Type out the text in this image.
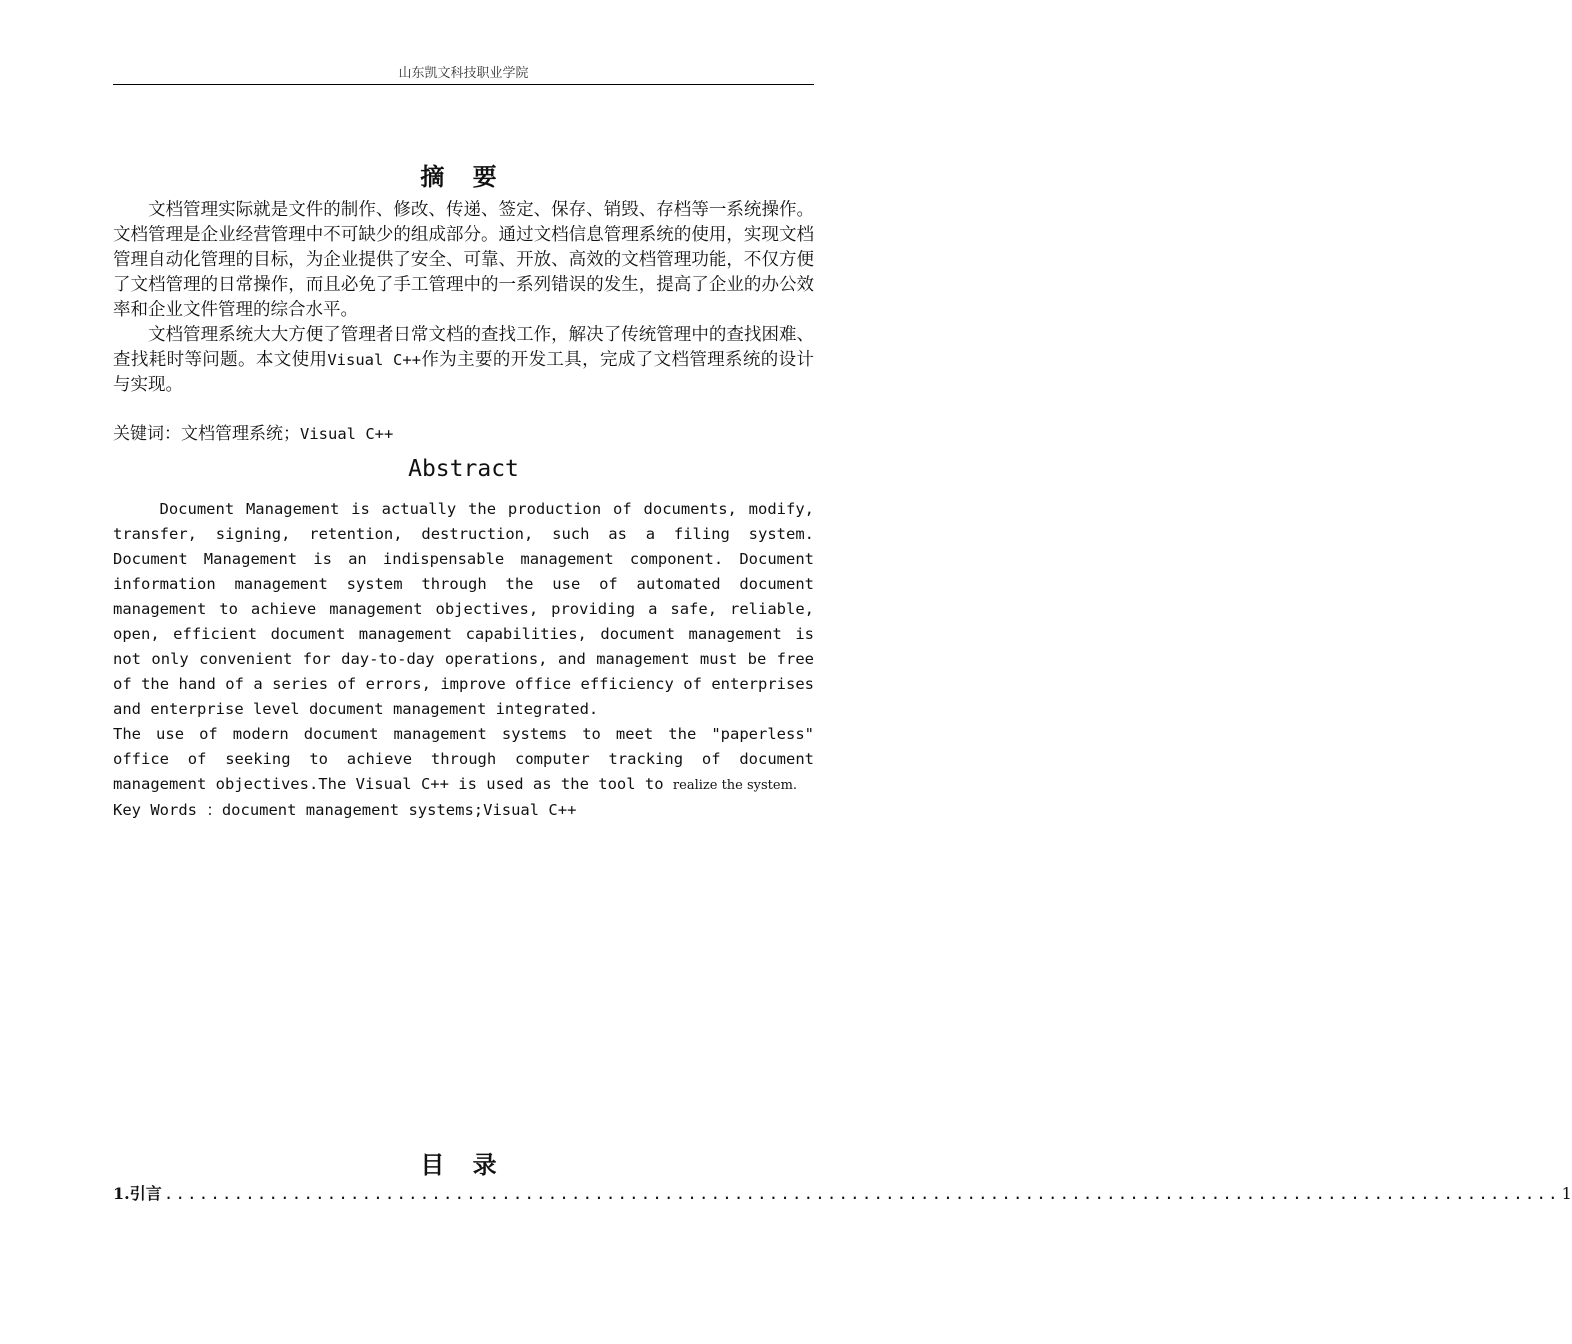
山东凯文科技职业学院
摘 要

文档管理实际就是文件的制作、修改、传递、签定、保存、销毁、存档等一系统操作。文档管理是企业经营管理中不可缺少的组成部分。通过文档信息管理系统的使用，实现文档管理自动化管理的目标，为企业提供了安全、可靠、开放、高效的文档管理功能，不仅方便了文档管理的日常操作，而且必免了手工管理中的一系列错误的发生，提高了企业的办公效率和企业文件管理的综合水平。

文档管理系统大大方便了管理者日常文档的查找工作，解决了传统管理中的查找困难、查找耗时等问题。本文使用Visual C++作为主要的开发工具，完成了文档管理系统的设计与实现。

关键词：文档管理系统；Visual C++
Abstract

Document Management is actually the production of documents, modify, transfer, signing, retention, destruction, such as a filing system. Document Management is an indispensable management component. Document information management system through the use of automated document management to achieve management objectives, providing a safe, reliable, open, efficient document management capabilities, document management is not only convenient for day-to-day operations, and management must be free of the hand of a series of errors, improve office efficiency of enterprises and enterprise level document management integrated.

The use of modern document management systems to meet the "paperless" office of seeking to achieve through computer tracking of document management objectives.The Visual C++ is used as the tool to realize the system.

Key Words ：document management systems;Visual C++

目 录
1.引言 ........................................................................................................................ 1
